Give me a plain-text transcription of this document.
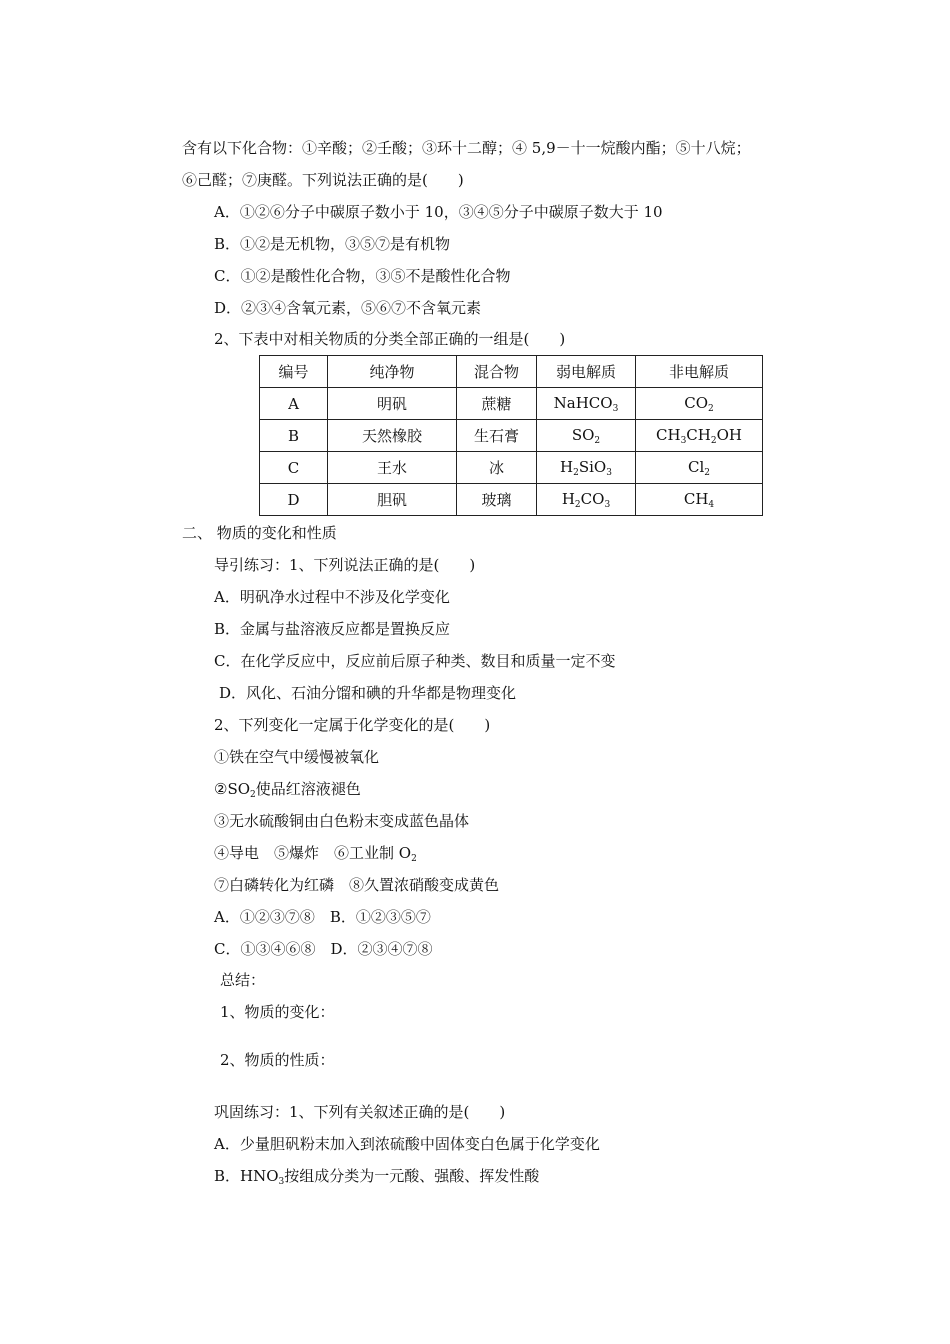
含有以下化合物：①辛酸；②壬酸；③环十二醇；④ 5,9－十一烷酸内酯；⑤十八烷；
⑥己醛；⑦庚醛。下列说法正确的是(　　)
A．①②⑥分子中碳原子数小于 10，③④⑤分子中碳原子数大于 10
B．①②是无机物，③⑤⑦是有机物
C．①②是酸性化合物，③⑤不是酸性化合物
D．②③④含氧元素，⑤⑥⑦不含氧元素
2、下表中对相关物质的分类全部正确的一组是(　　)
编号	纯净物	混合物	弱电解质	非电解质
A	明矾	蔗糖	NaHCO$_3$	$CO_2$
B	天然橡胶	生石膏	$SO_2$	$CH_3CH_2OH$
C	王水	冰	$H_2SiO_3$	$Cl_2$
D	胆矾	玻璃	$H_2CO_3$	$CH_4$
二、 物质的变化和性质
导引练习：1、下列说法正确的是(　　)
A．明矾净水过程中不涉及化学变化
B．金属与盐溶液反应都是置换反应
C．在化学反应中，反应前后原子种类、数目和质量一定不变
D．风化、石油分馏和碘的升华都是物理变化
2、下列变化一定属于化学变化的是(　　)
①铁在空气中缓慢被氧化
$②SO_2$使品红溶液褪色
③无水硫酸铜由白色粉末变成蓝色晶体
④导电　⑤爆炸　⑥工业制 $O_2$
⑦白磷转化为红磷　⑧久置浓硝酸变成黄色
A．①②③⑦⑧　B．①②③⑤⑦
C．①③④⑥⑧　D．②③④⑦⑧
总结：
1、物质的变化：
2、物质的性质：
巩固练习：1、下列有关叙述正确的是(　　)
A．少量胆矾粉末加入到浓硫酸中固体变白色属于化学变化
B．$HNO_3$按组成分类为一元酸、强酸、挥发性酸
